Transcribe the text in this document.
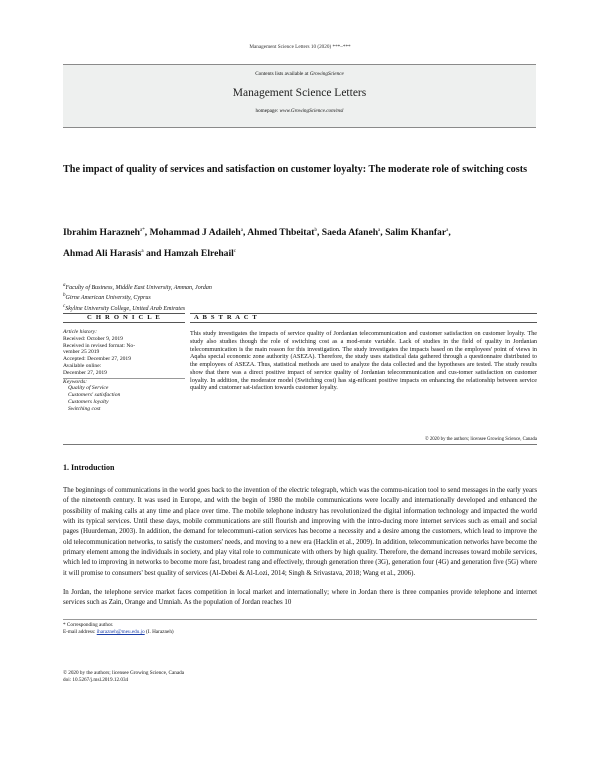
Management Science Letters 10 (2020) ***–***
Contents lists available at GrowingScience
Management Science Letters
homepage: www.GrowingScience.com/msl
The impact of quality of services and satisfaction on customer loyalty: The moderate role of switching costs
Ibrahim Harazneh$^{a*}$, Mohammad J Adaileh$^a$, Ahmed Thbeitat$^b$, Saeda Afaneh$^a$, Salim Khanfar$^a$,
Ahmad Ali Harasis$^a$ and Hamzah Elrehail$^c$
$^a$Faculty of Business, Middle East University, Amman, Jordan
$^b$Girne American University, Cyprus
$^c$Skyline University College, United Arab Emirates
C H R O N I C L E	A B S T R A C T
Article history:
Received: October 9, 2019
Received in revised format: No-
vember 25 2019
Accepted: December 27, 2019
Available online:
December 27, 2019
Keywords:
Quality of Service
Customers' satisfaction
Customers loyalty
Switching cost
This study investigates the impacts of service quality of Jordanian telecommunication and customer satisfaction on customer loyalty. The study also studies though the role of switching cost as a mod-erate variable. Lack of studies in the field of quality in Jordanian telecommunication is the main reason for this investigation. The study investigates the impacts based on the employees' point of views in Aqaba special economic zone authority (ASEZA). Therefore, the study uses statistical data gathered through a questionnaire distributed to the employees of ASEZA. Thus, statistical methods are used to analyze the data collected and the hypotheses are tested. The study results show that there was a direct positive impact of service quality of Jordanian telecommunication and cus-tomer satisfaction on customer loyalty. In addition, the moderator model (Switching cost) has sig-nificant positive impacts on enhancing the relationship between service quality and customer sat-isfaction towards customer loyalty.
© 2020 by the authors; licensee Growing Science, Canada
1. Introduction
The beginnings of communications in the world goes back to the invention of the electric telegraph, which was the commu-nication tool to send messages in the early years of the nineteenth century. It was used in Europe, and with the begin of 1980 the mobile communications were locally and internationally developed and enhanced the possibility of making calls at any time and place over time. The mobile telephone industry has revolutionized the digital information technology and impacted the world with its typical services. Until these days, mobile communications are still flourish and improving with the intro-ducing more internet services such as email and social pages (Huurdeman, 2003). In addition, the demand for telecommuni-cation services has become a necessity and a desire among the customers, which lead to improve the old telecommunication networks, to satisfy the customers' needs, and moving to a new era (Hacklin et al., 2009). In addition, telecommunication networks have become the primary element among the individuals in society, and play vital role to communicate with others by high quality. Therefore, the demand increases toward mobile services, which led to improving in networks to become more fast, broadest rang and effectively, through generation three (3G), generation four (4G) and generation five (5G) where it will promise to consumers' best quality of services (Al-Debei & Al-Lozi, 2014; Singh & Srivastava, 2018; Wang et al., 2006).
In Jordan, the telephone service market faces competition in local market and internationally; where in Jordan there is three companies provide telephone and internet services such as Zain, Orange and Umniah. As the population of Jordan reaches 10
* Corresponding author.
E-mail address: iharazneh@meu.edu.jo (I. Harazneh)
© 2020 by the authors; licensee Growing Science, Canada
doi: 10.5267/j.msl.2019.12.034
